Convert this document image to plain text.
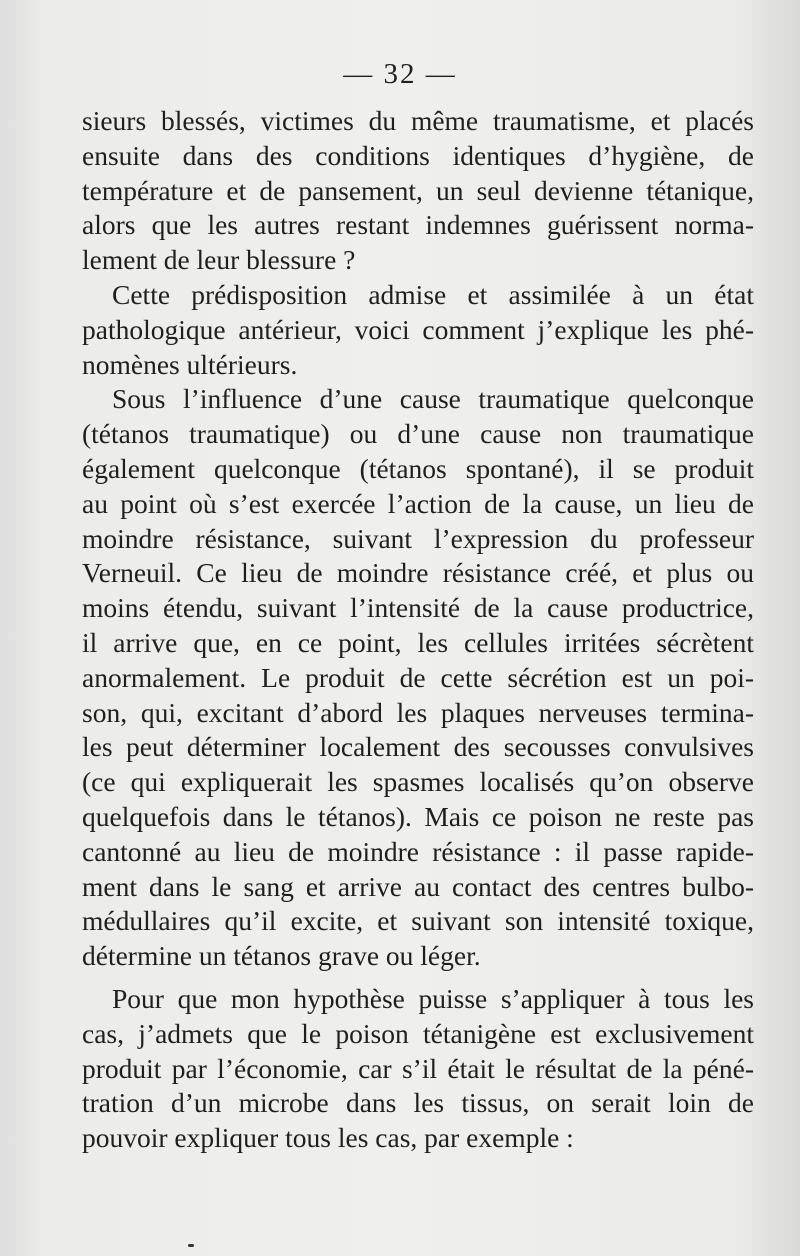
— 32 —
sieurs blessés, victimes du même traumatisme, et placés
ensuite dans des conditions identiques d’hygiène, de
température et de pansement, un seul devienne tétanique,
alors que les autres restant indemnes guérissent norma-
lement de leur blessure ?
Cette prédisposition admise et assimilée à un état
pathologique antérieur, voici comment j’explique les phé-
nomènes ultérieurs.
Sous l’influence d’une cause traumatique quelconque
(tétanos traumatique) ou d’une cause non traumatique
également quelconque (tétanos spontané), il se produit
au point où s’est exercée l’action de la cause, un lieu de
moindre résistance, suivant l’expression du professeur
Verneuil. Ce lieu de moindre résistance créé, et plus ou
moins étendu, suivant l’intensité de la cause productrice,
il arrive que, en ce point, les cellules irritées sécrètent
anormalement. Le produit de cette sécrétion est un poi-
son, qui, excitant d’abord les plaques nerveuses termina-
les peut déterminer localement des secousses convulsives
(ce qui expliquerait les spasmes localisés qu’on observe
quelquefois dans le tétanos). Mais ce poison ne reste pas
cantonné au lieu de moindre résistance : il passe rapide-
ment dans le sang et arrive au contact des centres bulbo-
médullaires qu’il excite, et suivant son intensité toxique,
détermine un tétanos grave ou léger.
Pour que mon hypothèse puisse s’appliquer à tous les
cas, j’admets que le poison tétanigène est exclusivement
produit par l’économie, car s’il était le résultat de la péné-
tration d’un microbe dans les tissus, on serait loin de
pouvoir expliquer tous les cas, par exemple :
